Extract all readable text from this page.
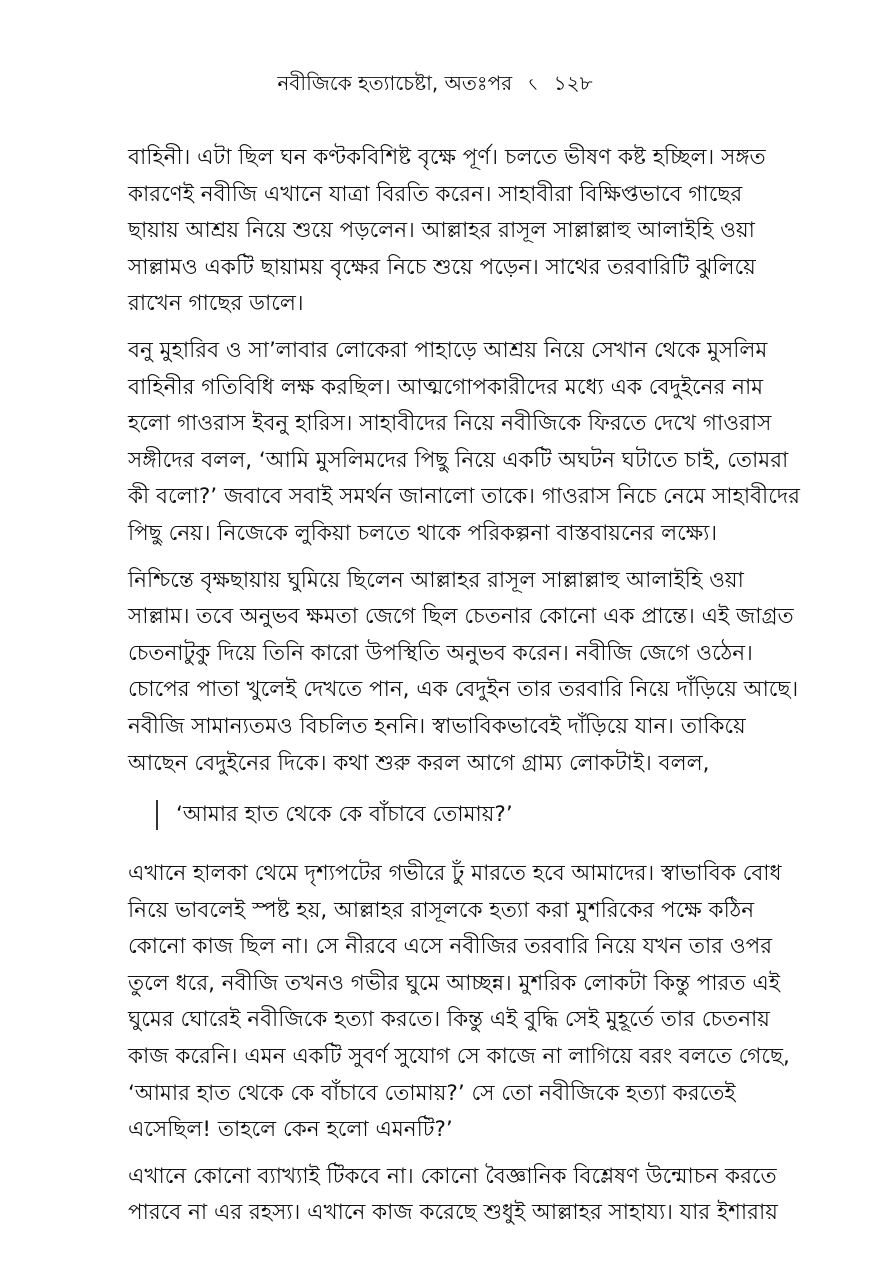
নবীজিকে হত্যাচেষ্টা, অতঃপর ৻ ১২৮
বাহিনী। এটা ছিল ঘন কণ্টকবিশিষ্ট বৃক্ষে পূর্ণ। চলতে ভীষণ কষ্ট হচ্ছিল। সঙ্গত
কারণেই নবীজি এখানে যাত্রা বিরতি করেন। সাহাবীরা বিক্ষিপ্তভাবে গাছের
ছায়ায় আশ্রয় নিয়ে শুয়ে পড়লেন। আল্লাহর রাসূল সাল্লাল্লাহু আলাইহি ওয়া
সাল্লামও একটি ছায়াময় বৃক্ষের নিচে শুয়ে পড়েন। সাথের তরবারিটি ঝুলিয়ে
রাখেন গাছের ডালে।
বনু মুহারিব ও সা’লাবার লোকেরা পাহাড়ে আশ্রয় নিয়ে সেখান থেকে মুসলিম
বাহিনীর গতিবিধি লক্ষ করছিল। আত্মগোপকারীদের মধ্যে এক বেদুইনের নাম
হলো গাওরাস ইবনু হারিস। সাহাবীদের নিয়ে নবীজিকে ফিরতে দেখে গাওরাস
সঙ্গীদের বলল, ‘আমি মুসলিমদের পিছু নিয়ে একটি অঘটন ঘটাতে চাই, তোমরা
কী বলো?’ জবাবে সবাই সমর্থন জানালো তাকে। গাওরাস নিচে নেমে সাহাবীদের
পিছু নেয়। নিজেকে লুকিয়া চলতে থাকে পরিকল্পনা বাস্তবায়নের লক্ষ্যে।
নিশ্চিন্তে বৃক্ষছায়ায় ঘুমিয়ে ছিলেন আল্লাহর রাসূল সাল্লাল্লাহু আলাইহি ওয়া
সাল্লাম। তবে অনুভব ক্ষমতা জেগে ছিল চেতনার কোনো এক প্রান্তে। এই জাগ্রত
চেতনাটুকু দিয়ে তিনি কারো উপস্থিতি অনুভব করেন। নবীজি জেগে ওঠেন।
চোপের পাতা খুলেই দেখতে পান, এক বেদুইন তার তরবারি নিয়ে দাঁড়িয়ে আছে।
নবীজি সামান্যতমও বিচলিত হননি। স্বাভাবিকভাবেই দাঁড়িয়ে যান। তাকিয়ে
আছেন বেদুইনের দিকে। কথা শুরু করল আগে গ্রাম্য লোকটাই। বলল,
‘আমার হাত থেকে কে বাঁচাবে তোমায়?’
এখানে হালকা থেমে দৃশ্যপটের গভীরে ঢুঁ মারতে হবে আমাদের। স্বাভাবিক বোধ
নিয়ে ভাবলেই স্পষ্ট হয়, আল্লাহর রাসূলকে হত্যা করা মুশরিকের পক্ষে কঠিন
কোনো কাজ ছিল না। সে নীরবে এসে নবীজির তরবারি নিয়ে যখন তার ওপর
তুলে ধরে, নবীজি তখনও গভীর ঘুমে আচ্ছন্ন। মুশরিক লোকটা কিন্তু পারত এই
ঘুমের ঘোরেই নবীজিকে হত্যা করতে। কিন্তু এই বুদ্ধি সেই মুহূর্তে তার চেতনায়
কাজ করেনি। এমন একটি সুবর্ণ সুযোগ সে কাজে না লাগিয়ে বরং বলতে গেছে,
‘আমার হাত থেকে কে বাঁচাবে তোমায়?’ সে তো নবীজিকে হত্যা করতেই
এসেছিল! তাহলে কেন হলো এমনটি?’
এখানে কোনো ব্যাখ্যাই টিকবে না। কোনো বৈজ্ঞানিক বিশ্লেষণ উন্মোচন করতে
পারবে না এর রহস্য। এখানে কাজ করেছে শুধুই আল্লাহর সাহায্য। যার ইশারায়
